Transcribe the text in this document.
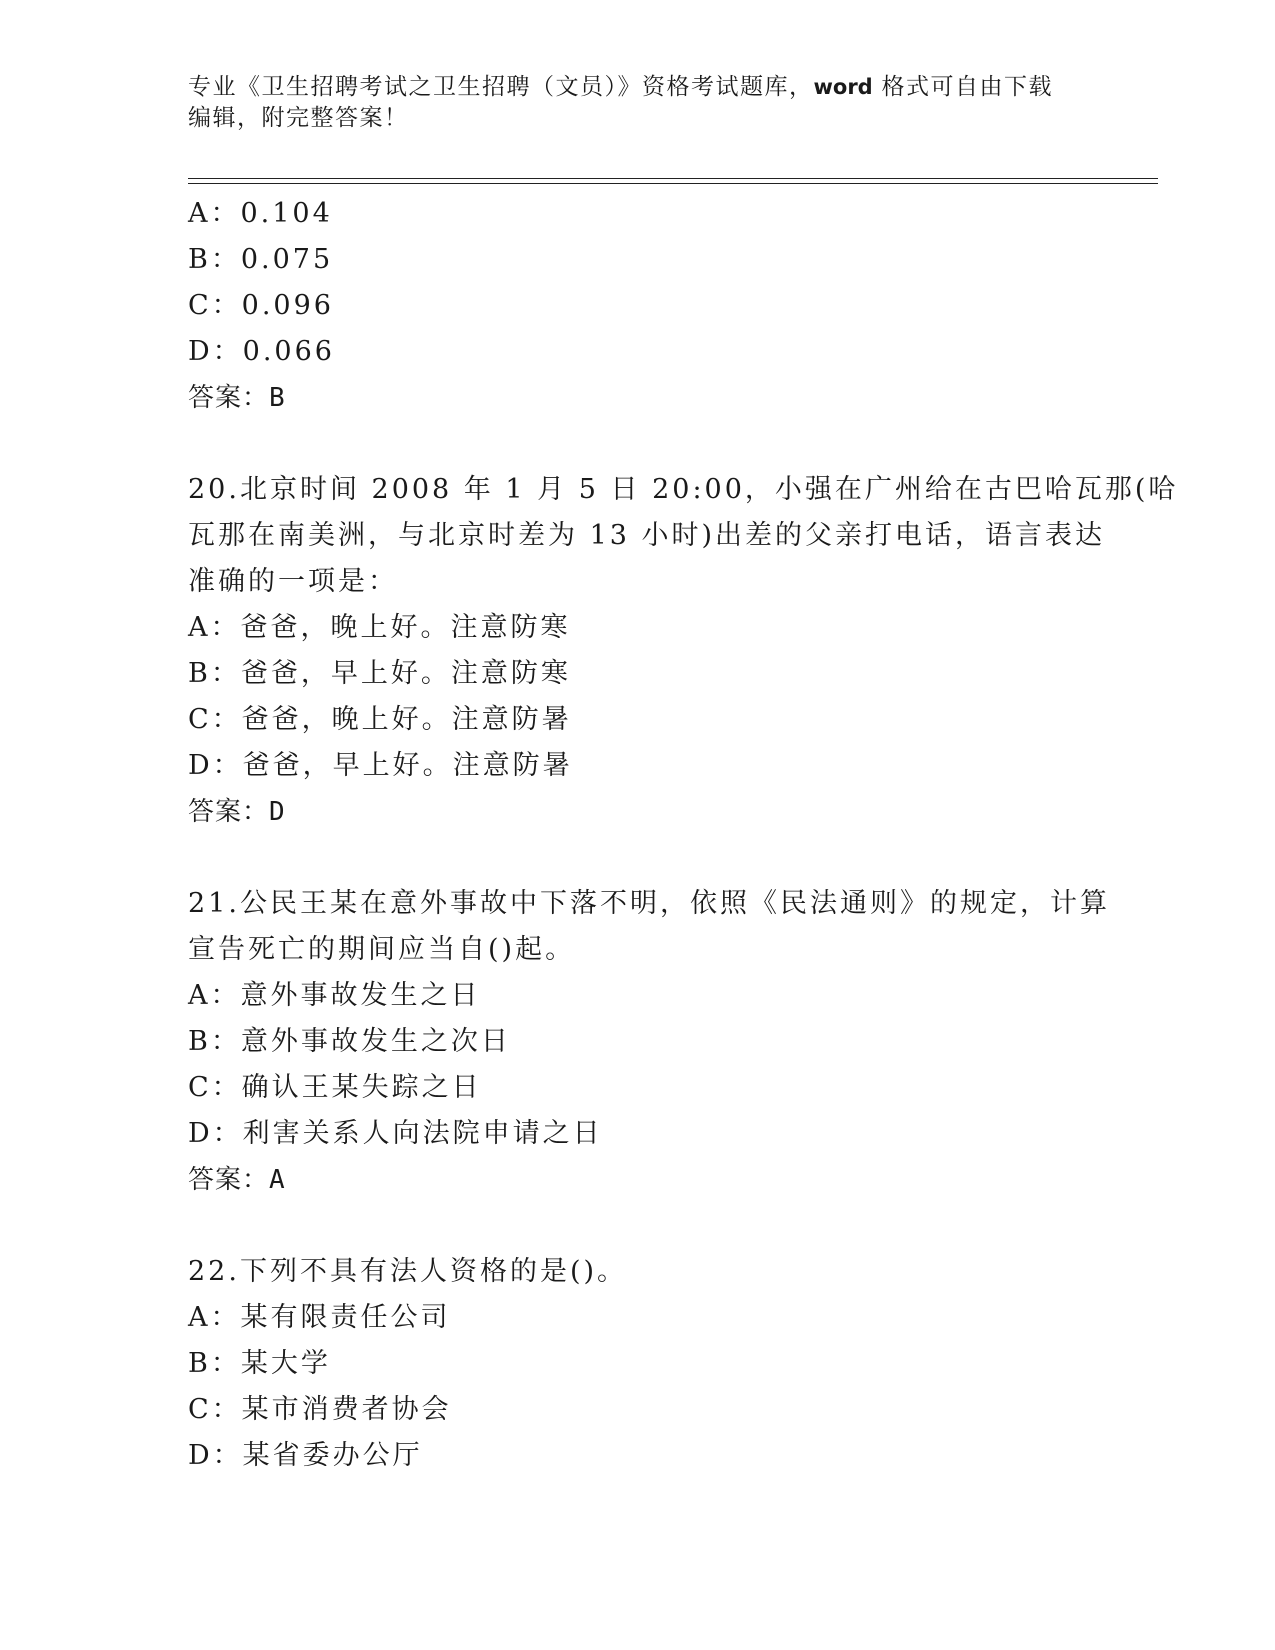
专业《卫生招聘考试之卫生招聘（文员）》资格考试题库，word 格式可自由下载
编辑，附完整答案！
A：0.104
B：0.075
C：0.096
D：0.066
答案：B
20.北京时间 2008 年 1 月 5 日 20:00，小强在广州给在古巴哈瓦那(哈
瓦那在南美洲，与北京时差为 13 小时)出差的父亲打电话，语言表达
准确的一项是：
A：爸爸，晚上好。注意防寒
B：爸爸，早上好。注意防寒
C：爸爸，晚上好。注意防暑
D：爸爸，早上好。注意防暑
答案：D
21.公民王某在意外事故中下落不明，依照《民法通则》的规定，计算
宣告死亡的期间应当自()起。
A：意外事故发生之日
B：意外事故发生之次日
C：确认王某失踪之日
D：利害关系人向法院申请之日
答案：A
22.下列不具有法人资格的是()。
A：某有限责任公司
B：某大学
C：某市消费者协会
D：某省委办公厅
